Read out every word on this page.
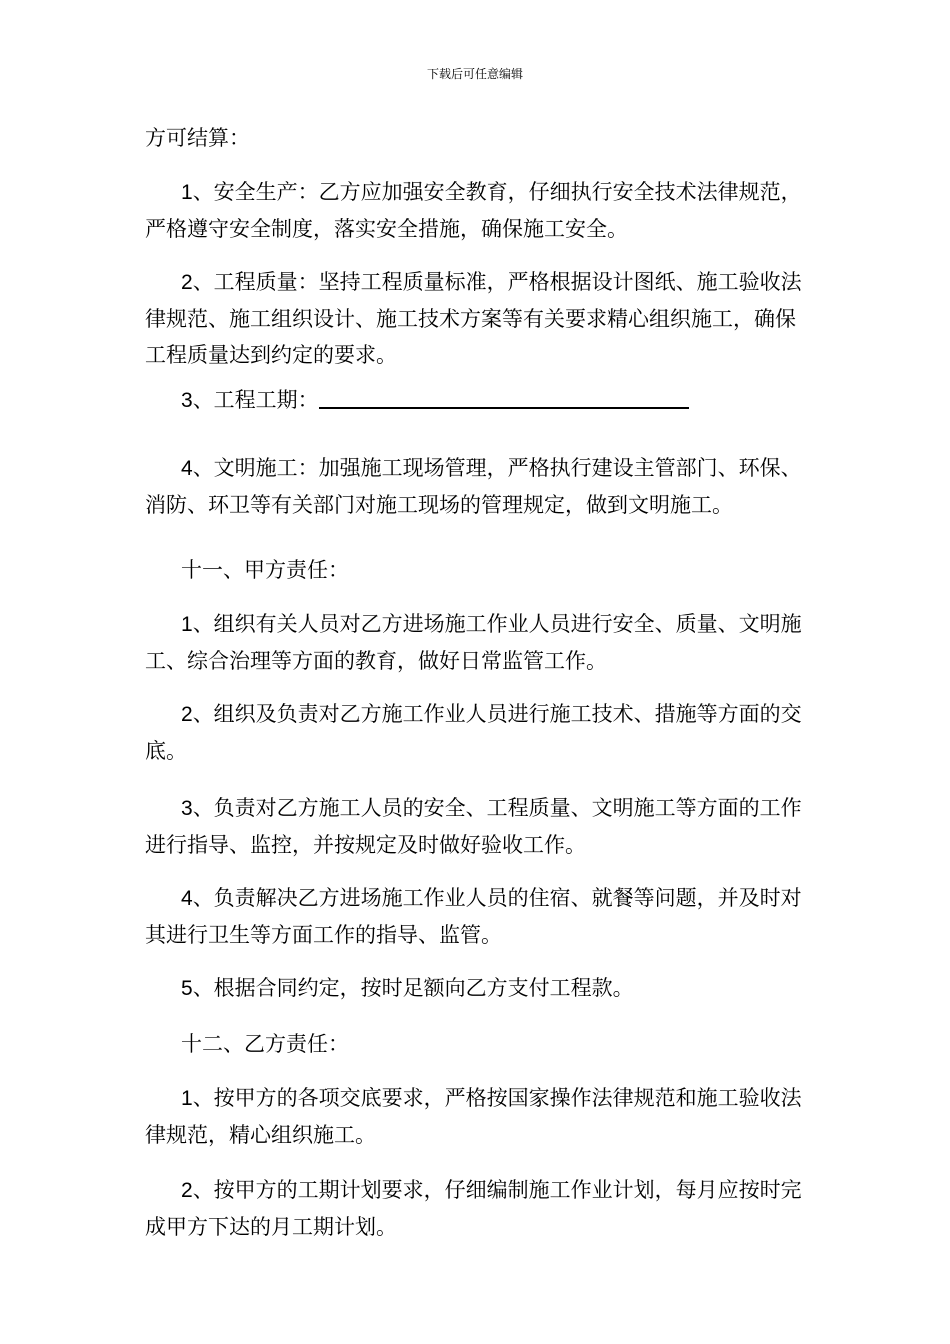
下载后可任意编辑

方可结算：

1、安全生产：乙方应加强安全教育，仔细执行安全技术法律规范，严格遵守安全制度，落实安全措施，确保施工安全。

2、工程质量：坚持工程质量标准，严格根据设计图纸、施工验收法律规范、施工组织设计、施工技术方案等有关要求精心组织施工，确保工程质量达到约定的要求。

3、工程工期：

4、文明施工：加强施工现场管理，严格执行建设主管部门、环保、消防、环卫等有关部门对施工现场的管理规定，做到文明施工。

十一、甲方责任：

1、组织有关人员对乙方进场施工作业人员进行安全、质量、文明施工、综合治理等方面的教育，做好日常监管工作。

2、组织及负责对乙方施工作业人员进行施工技术、措施等方面的交底。

3、负责对乙方施工人员的安全、工程质量、文明施工等方面的工作进行指导、监控，并按规定及时做好验收工作。

4、负责解决乙方进场施工作业人员的住宿、就餐等问题，并及时对其进行卫生等方面工作的指导、监管。

5、根据合同约定，按时足额向乙方支付工程款。

十二、乙方责任：

1、按甲方的各项交底要求，严格按国家操作法律规范和施工验收法律规范，精心组织施工。

2、按甲方的工期计划要求，仔细编制施工作业计划，每月应按时完成甲方下达的月工期计划。
